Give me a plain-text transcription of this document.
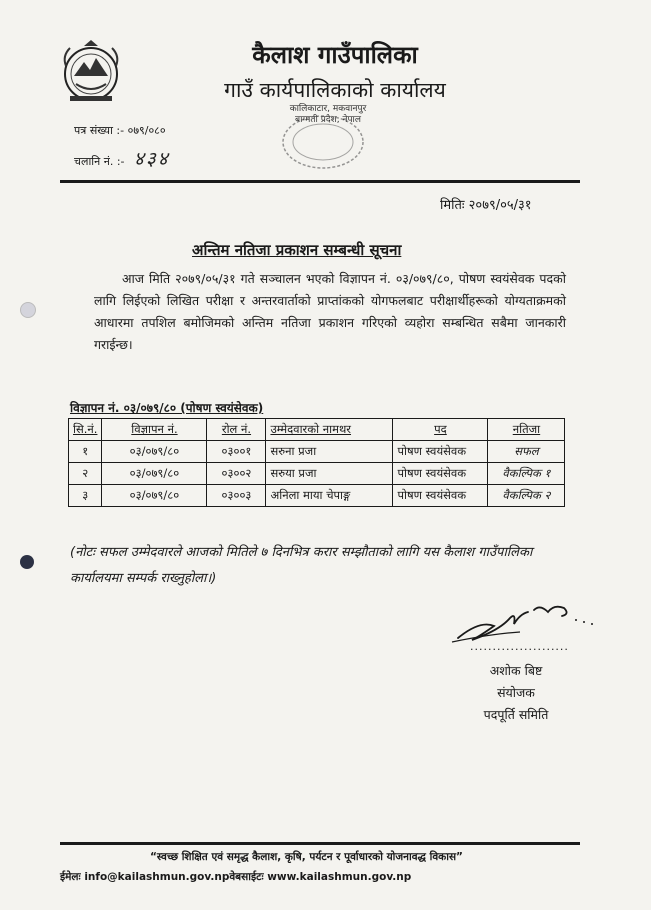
कैलाश गाउँपालिका
गाउँ कार्यपालिकाको कार्यालय
कालिकाटार, मकवानपुर
बाग्मती प्रदेश, नेपाल
पत्र संख्या :- ०७९/०८०
चलानि नं. :- ४३४
मितिः २०७९/०५/३१
अन्तिम नतिजा प्रकाशन सम्बन्धी सूचना
आज मिति २०७९/०५/३१ गते सञ्चालन भएको विज्ञापन नं. ०३/०७९/८०, पोषण स्वयंसेवक पदको लागि लिईएको लिखित परीक्षा र अन्तरवार्ताको प्राप्तांकको योगफलबाट परीक्षार्थीहरूको योग्यताक्रमको आधारमा तपशिल बमोजिमको अन्तिम नतिजा प्रकाशन गरिएको व्यहोरा सम्बन्धित सबैमा जानकारी गराईन्छ।
विज्ञापन नं. ०३/०७९/८० (पोषण स्वयंसेवक)
सि.नं.	विज्ञापन नं.	रोल नं.	उम्मेदवारको नामथर	पद	नतिजा
१	०३/०७९/८०	०३००१	सरुना प्रजा	पोषण स्वयंसेवक	सफल
२	०३/०७९/८०	०३००२	सरुया प्रजा	पोषण स्वयंसेवक	वैकल्पिक १
३	०३/०७९/८०	०३००३	अनिला माया चेपाङ्ग	पोषण स्वयंसेवक	वैकल्पिक २
(नोटः सफल उम्मेदवारले आजको मितिले ७ दिनभित्र करार सम्झौताको लागि यस कैलाश गाउँपालिका कार्यालयमा सम्पर्क राख्नुहोला।)
......................
अशोक बिष्ट
संयोजक
पदपूर्ति समिति
“स्वच्छ शिक्षित एवं समृद्ध कैलाश, कृषि, पर्यटन र पूर्वाधारको योजनावद्ध विकास”
ईमेलः info@kailashmun.gov.npवेबसाईटः www.kailashmun.gov.np
